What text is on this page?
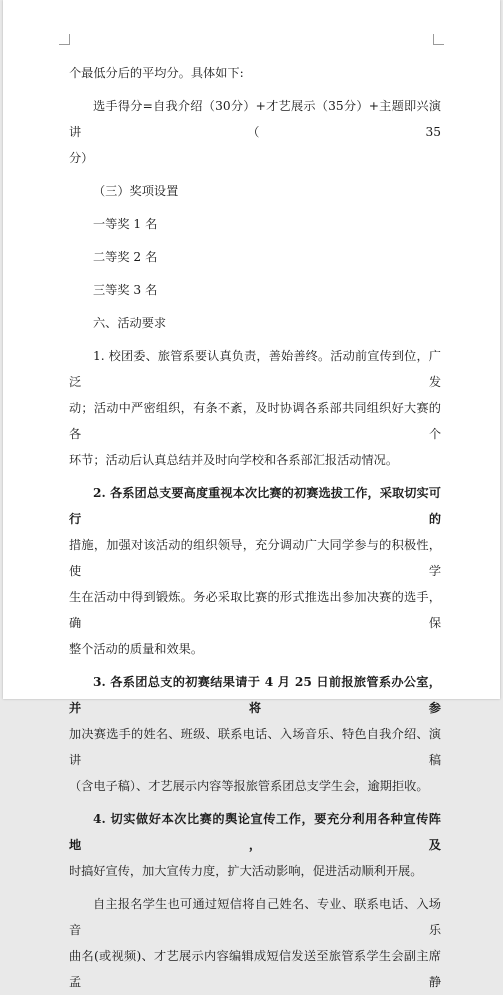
个最低分后的平均分。具体如下:

选手得分=自我介绍（30分）+才艺展示（35分）+主题即兴演讲（35

分）

（三）奖项设置

一等奖 1 名

二等奖 2 名

三等奖 3 名

六、活动要求

1. 校团委、旅管系要认真负责，善始善终。活动前宣传到位，广泛发

动；活动中严密组织，有条不紊，及时协调各系部共同组织好大赛的各个

环节；活动后认真总结并及时向学校和各系部汇报活动情况。

2. 各系团总支要高度重视本次比赛的初赛选拔工作，采取切实可行的

措施，加强对该活动的组织领导，充分调动广大同学参与的积极性，使学

生在活动中得到锻炼。务必采取比赛的形式推选出参加决赛的选手，确保

整个活动的质量和效果。

3. 各系团总支的初赛结果请于 4 月 25 日前报旅管系办公室，并将参

加决赛选手的姓名、班级、联系电话、入场音乐、特色自我介绍、演讲稿

（含电子稿）、才艺展示内容等报旅管系团总支学生会，逾期拒收。

4. 切实做好本次比赛的舆论宣传工作，要充分利用各种宣传阵地，及

时搞好宣传，加大宣传力度，扩大活动影响，促进活动顺利开展。

自主报名学生也可通过短信将自己姓名、专业、联系电话、入场音乐

曲名(或视频)、才艺展示内容编辑成短信发送至旅管系学生会副主席孟静
